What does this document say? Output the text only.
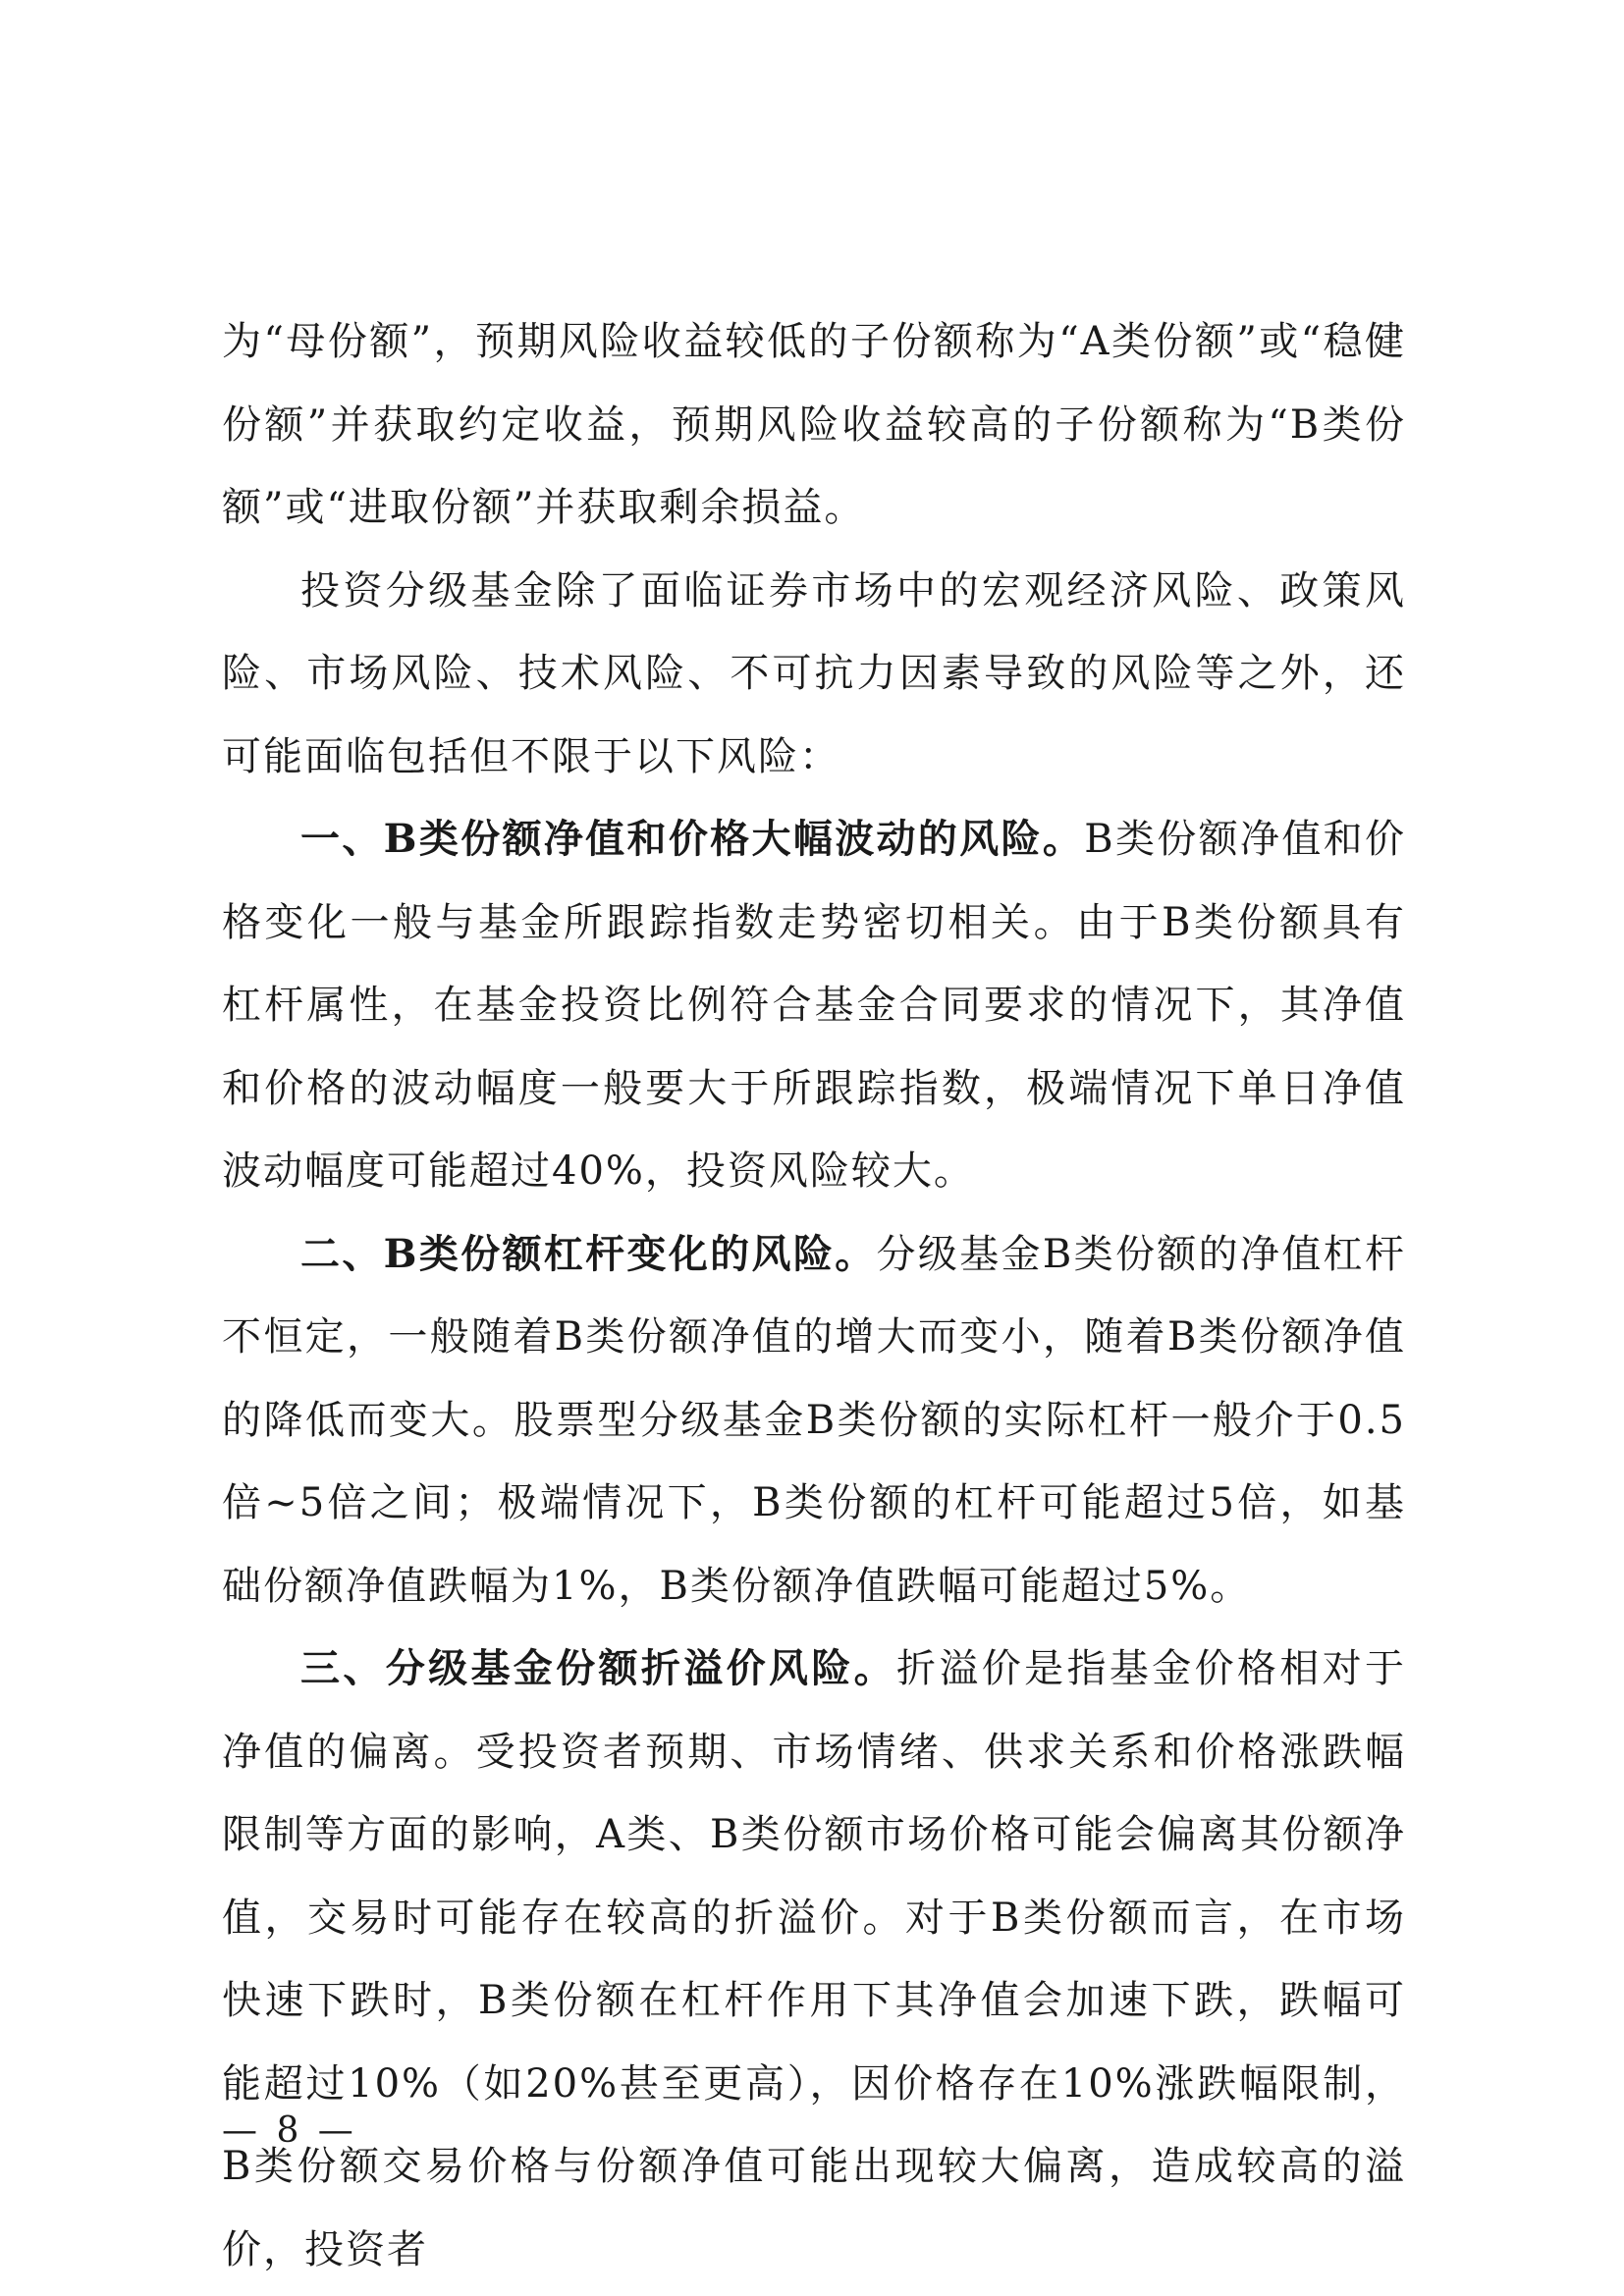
为“母份额”，预期风险收益较低的子份额称为“A类份额”或“稳健份额”并获取约定收益，预期风险收益较高的子份额称为“B类份额”或“进取份额”并获取剩余损益。

投资分级基金除了面临证券市场中的宏观经济风险、政策风险、市场风险、技术风险、不可抗力因素导致的风险等之外，还可能面临包括但不限于以下风险：

一、B类份额净值和价格大幅波动的风险。B类份额净值和价格变化一般与基金所跟踪指数走势密切相关。由于B类份额具有杠杆属性，在基金投资比例符合基金合同要求的情况下，其净值和价格的波动幅度一般要大于所跟踪指数，极端情况下单日净值波动幅度可能超过40%，投资风险较大。

二、B类份额杠杆变化的风险。分级基金B类份额的净值杠杆不恒定，一般随着B类份额净值的增大而变小，随着B类份额净值的降低而变大。股票型分级基金B类份额的实际杠杆一般介于0.5倍~5倍之间；极端情况下，B类份额的杠杆可能超过5倍，如基础份额净值跌幅为1%，B类份额净值跌幅可能超过5%。

三、分级基金份额折溢价风险。折溢价是指基金价格相对于净值的偏离。受投资者预期、市场情绪、供求关系和价格涨跌幅限制等方面的影响，A类、B类份额市场价格可能会偏离其份额净值，交易时可能存在较高的折溢价。对于B类份额而言，在市场快速下跌时，B类份额在杠杆作用下其净值会加速下跌，跌幅可能超过10%（如20%甚至更高），因价格存在10%涨跌幅限制，B类份额交易价格与份额净值可能出现较大偏离，造成较高的溢价，投资者

— 8 —
